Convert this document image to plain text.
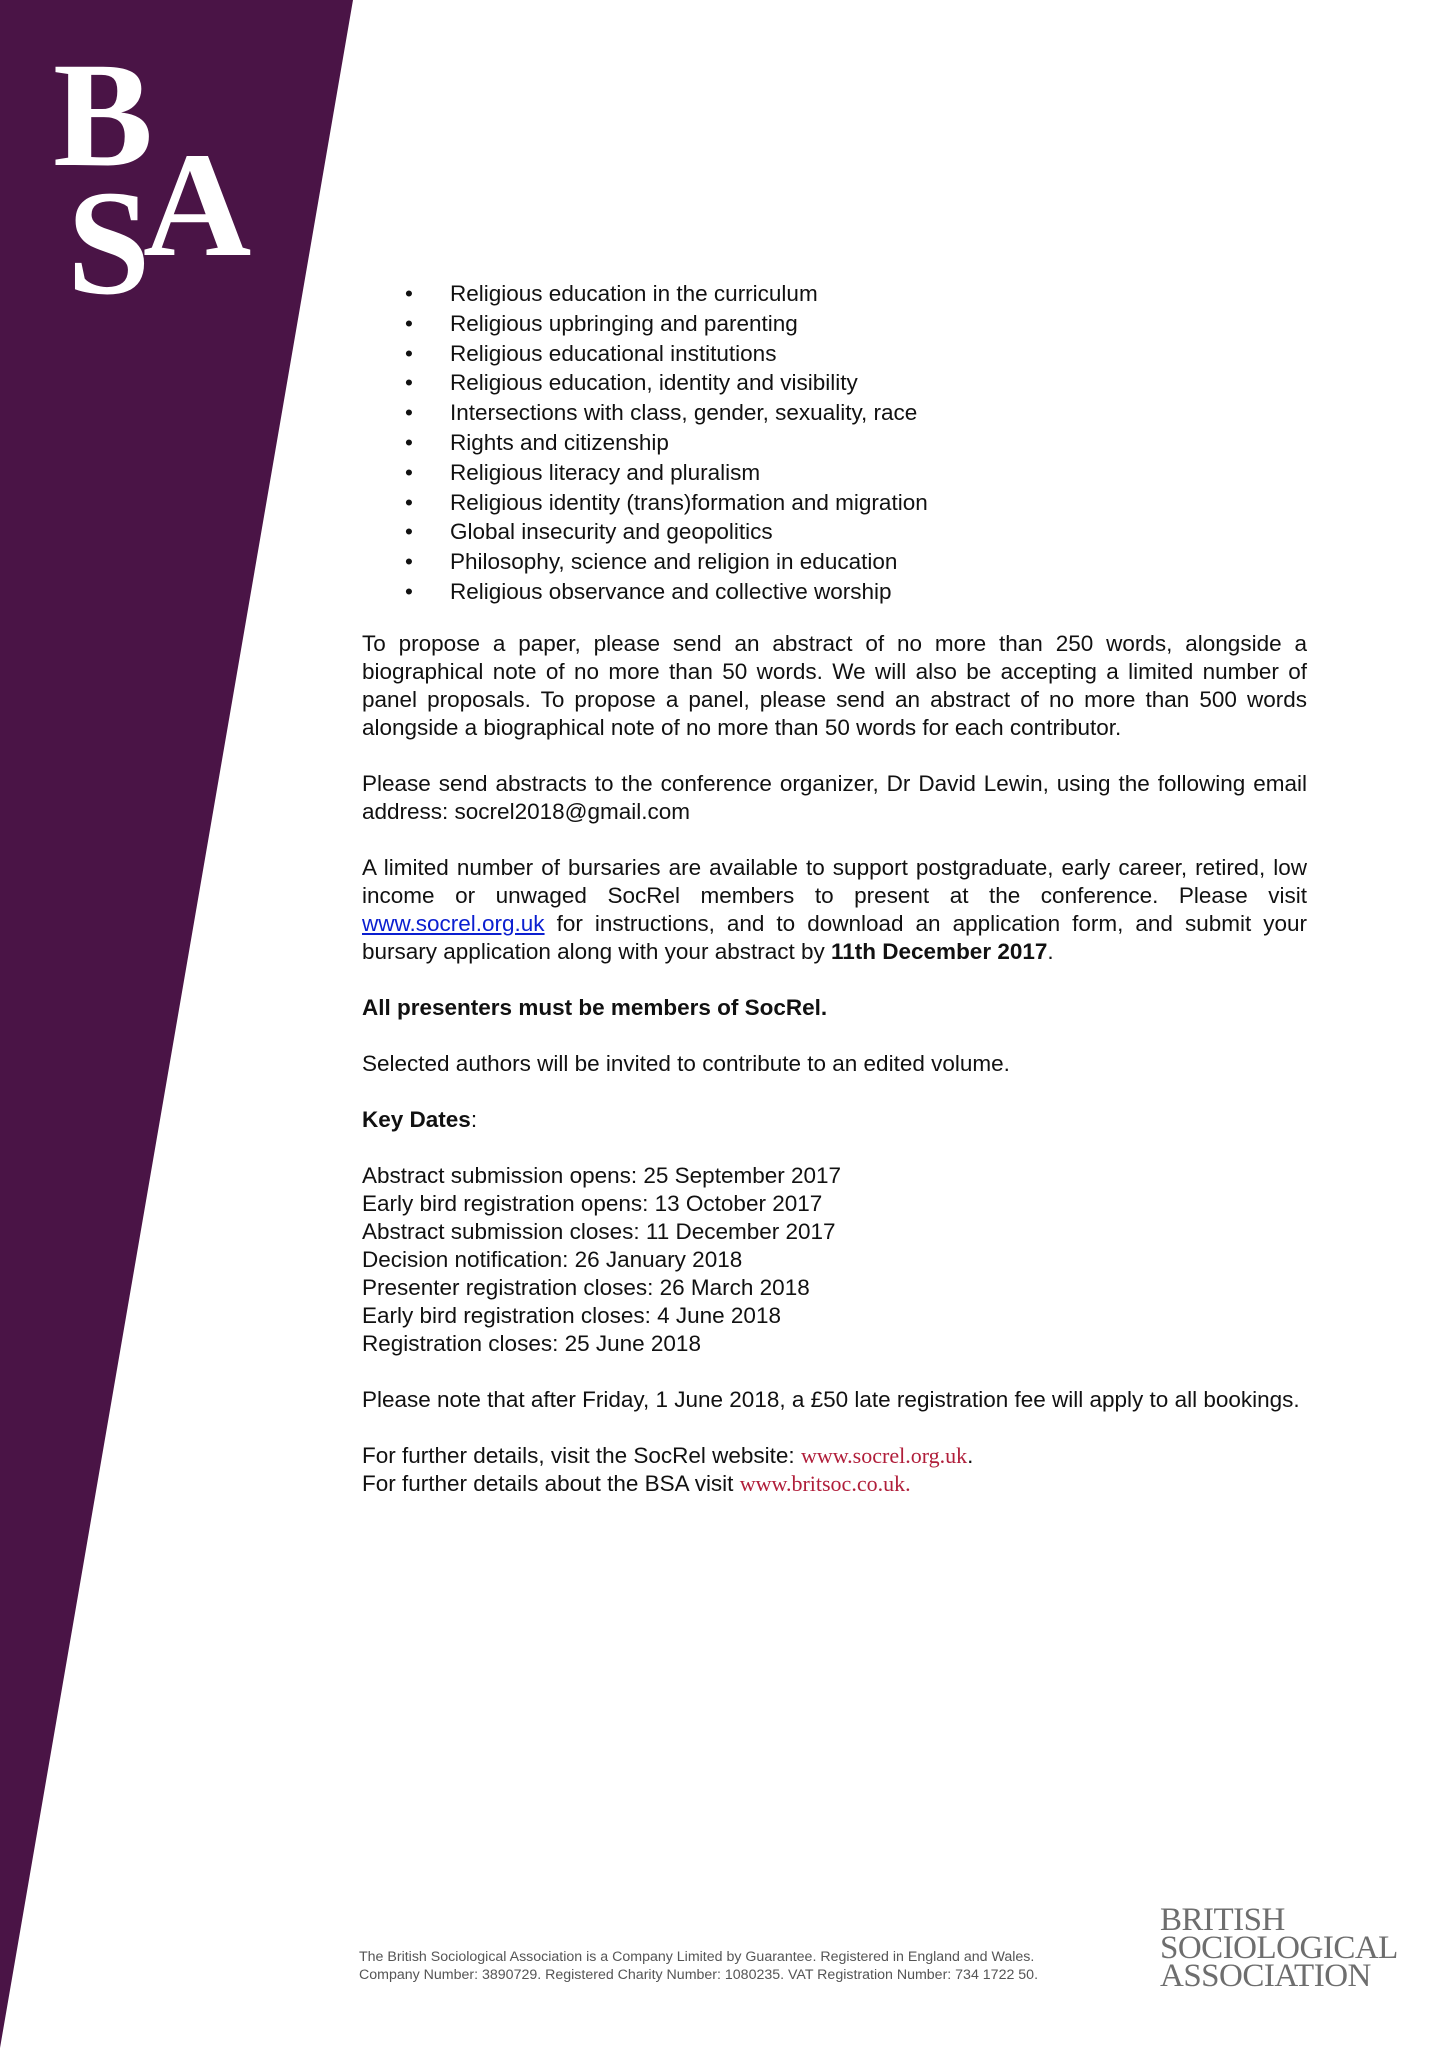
B
S
A
• Religious education in the curriculum
• Religious upbringing and parenting
• Religious educational institutions
• Religious education, identity and visibility
• Intersections with class, gender, sexuality, race
• Rights and citizenship
• Religious literacy and pluralism
• Religious identity (trans)formation and migration
• Global insecurity and geopolitics
• Philosophy, science and religion in education
• Religious observance and collective worship

To propose a paper, please send an abstract of no more than 250 words, alongside a biographical note of no more than 50 words. We will also be accepting a limited number of panel proposals. To propose a panel, please send an abstract of no more than 500 words alongside a biographical note of no more than 50 words for each contributor.

Please send abstracts to the conference organizer, Dr David Lewin, using the following email address: socrel2018@gmail.com

A limited number of bursaries are available to support postgraduate, early career, retired, low income or unwaged SocRel members to present at the conference. Please visit www.socrel.org.uk for instructions, and to download an application form, and submit your bursary application along with your abstract by 11th December 2017.

All presenters must be members of SocRel.

Selected authors will be invited to contribute to an edited volume.

Key Dates:

Abstract submission opens: 25 September 2017
Early bird registration opens: 13 October 2017
Abstract submission closes: 11 December 2017
Decision notification: 26 January 2018
Presenter registration closes: 26 March 2018
Early bird registration closes: 4 June 2018
Registration closes: 25 June 2018

Please note that after Friday, 1 June 2018, a £50 late registration fee will apply to all bookings.

For further details, visit the SocRel website: www.socrel.org.uk.
For further details about the BSA visit www.britsoc.co.uk.
The British Sociological Association is a Company Limited by Guarantee. Registered in England and Wales.
Company Number: 3890729. Registered Charity Number: 1080235. VAT Registration Number: 734 1722 50.
BRITISH
SOCIOLOGICAL
ASSOCIATION
